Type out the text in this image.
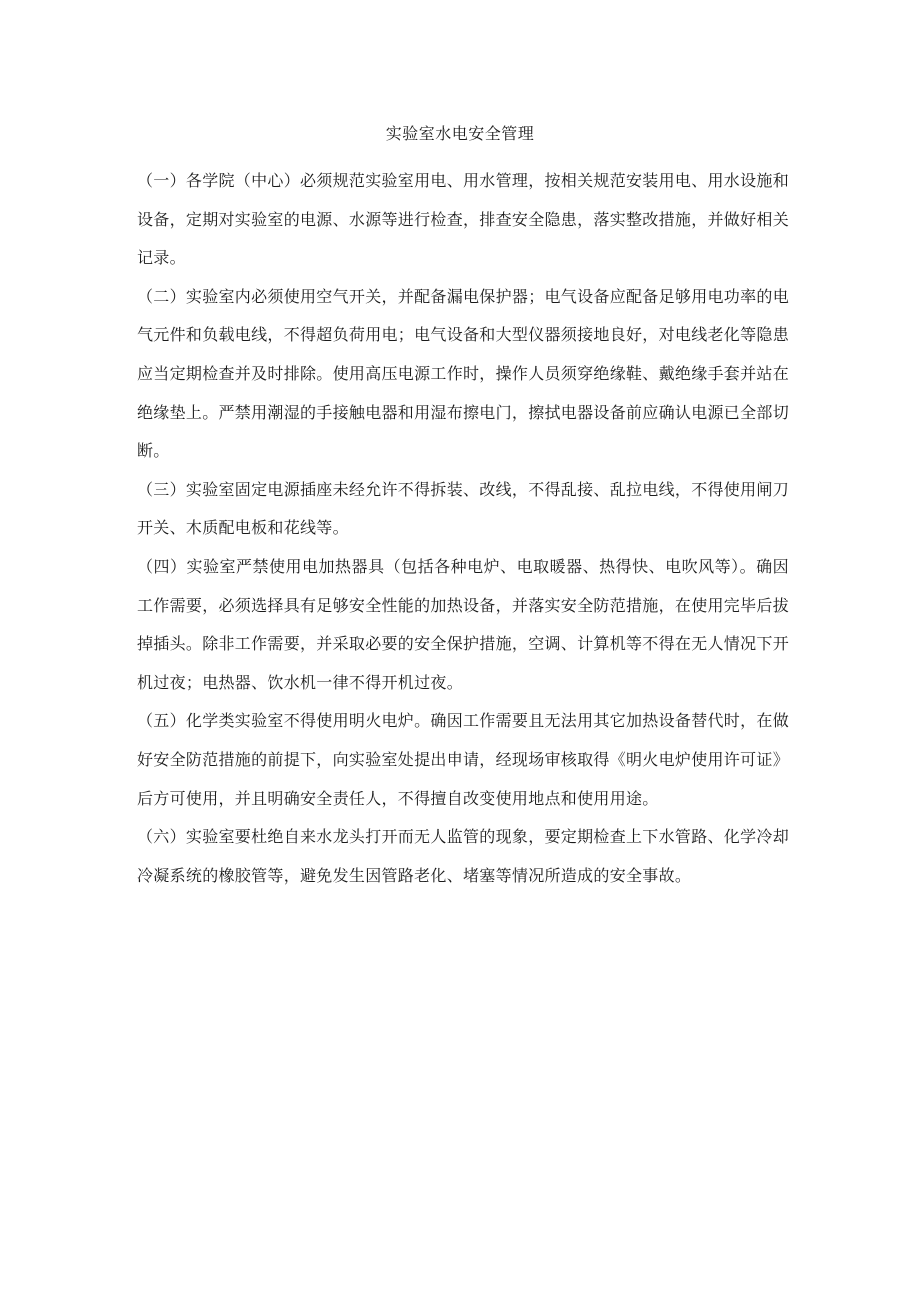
实验室水电安全管理

（一）各学院（中心）必须规范实验室用电、用水管理，按相关规范安装用电、用水设施和设备，定期对实验室的电源、水源等进行检查，排查安全隐患，落实整改措施，并做好相关记录。

（二）实验室内必须使用空气开关，并配备漏电保护器；电气设备应配备足够用电功率的电气元件和负载电线，不得超负荷用电；电气设备和大型仪器须接地良好，对电线老化等隐患应当定期检查并及时排除。使用高压电源工作时，操作人员须穿绝缘鞋、戴绝缘手套并站在绝缘垫上。严禁用潮湿的手接触电器和用湿布擦电门，擦拭电器设备前应确认电源已全部切断。

（三）实验室固定电源插座未经允许不得拆装、改线，不得乱接、乱拉电线，不得使用闸刀开关、木质配电板和花线等。

（四）实验室严禁使用电加热器具（包括各种电炉、电取暖器、热得快、电吹风等）。确因工作需要，必须选择具有足够安全性能的加热设备，并落实安全防范措施，在使用完毕后拔掉插头。除非工作需要，并采取必要的安全保护措施，空调、计算机等不得在无人情况下开机过夜；电热器、饮水机一律不得开机过夜。

（五）化学类实验室不得使用明火电炉。确因工作需要且无法用其它加热设备替代时，在做好安全防范措施的前提下，向实验室处提出申请，经现场审核取得《明火电炉使用许可证》后方可使用，并且明确安全责任人，不得擅自改变使用地点和使用用途。

（六）实验室要杜绝自来水龙头打开而无人监管的现象，要定期检查上下水管路、化学冷却冷凝系统的橡胶管等，避免发生因管路老化、堵塞等情况所造成的安全事故。
